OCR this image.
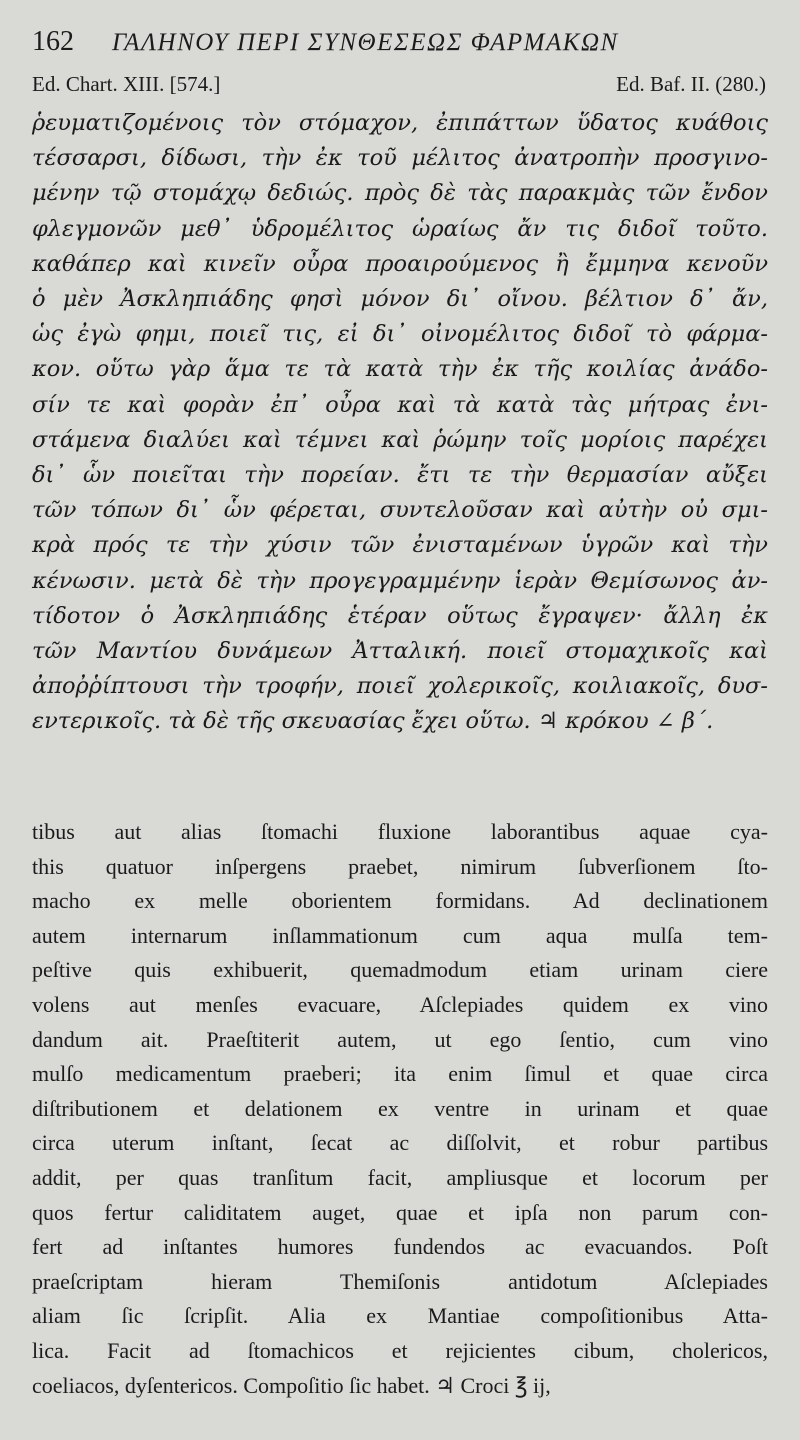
162	ΓΑΛΗΝΟΥ ΠΕΡΙ ΣΥΝΘΕΣΕΩΣ ΦΑΡΜΑΚΩΝ
Ed. Chart. XIII. [574.]	Ed. Baf. II. (280.)
ῥευματιζομένοις τὸν στόμαχον, ἐπιπάττων ὕδατος κυάθοις
τέσσαρσι, δίδωσι, τὴν ἐκ τοῦ μέλιτος ἀνατροπὴν προσγινο-
μένην τῷ στομάχῳ δεδιώς. πρὸς δὲ τὰς παρακμὰς τῶν ἔνδον
φλεγμονῶν μεθ᾽ ὑδρομέλιτος ὡραίως ἄν τις διδοῖ τοῦτο.
καθάπερ καὶ κινεῖν οὖρα προαιρούμενος ἢ ἔμμηνα κενοῦν
ὁ μὲν Ἀσκληπιάδης φησὶ μόνον δι᾽ οἴνου. βέλτιον δ᾽ ἄν,
ὡς ἐγὼ φημι, ποιεῖ τις, εἰ δι᾽ οἰνομέλιτος διδοῖ τὸ φάρμα-
κον. οὕτω γὰρ ἅμα τε τὰ κατὰ τὴν ἐκ τῆς κοιλίας ἀνάδο-
σίν τε καὶ φορὰν ἐπ᾽ οὖρα καὶ τὰ κατὰ τὰς μήτρας ἐνι-
στάμενα διαλύει καὶ τέμνει καὶ ῥώμην τοῖς μορίοις παρέχει
δι᾽ ὧν ποιεῖται τὴν πορείαν. ἔτι τε τὴν θερμασίαν αὔξει
τῶν τόπων δι᾽ ὧν φέρεται, συντελοῦσαν καὶ αὐτὴν οὐ σμι-
κρὰ πρός τε τὴν χύσιν τῶν ἐνισταμένων ὑγρῶν καὶ τὴν
κένωσιν. μετὰ δὲ τὴν προγεγραμμένην ἱερὰν Θεμίσωνος ἀν-
τίδοτον ὁ Ἀσκληπιάδης ἑτέραν οὕτως ἔγραψεν· ἄλλη ἐκ
τῶν Μαντίου δυνάμεων Ἀτταλική. ποιεῖ στομαχικοῖς καὶ
ἀποῤῥίπτουσι τὴν τροφήν, ποιεῖ χολερικοῖς, κοιλιακοῖς, δυσ-
εντερικοῖς. τὰ δὲ τῆς σκευασίας ἔχει οὕτω. ♃ κρόκου ∠ β΄.
tibus aut alias ſtomachi fluxione laborantibus aquae cya-
this quatuor inſpergens praebet, nimirum ſubverſionem ſto-
macho ex melle oborientem formidans. Ad declinationem
autem internarum inſlammationum cum aqua mulſa tem-
peſtive quis exhibuerit, quemadmodum etiam urinam ciere
volens aut menſes evacuare, Aſclepiades quidem ex vino
dandum ait. Praeſtiterit autem, ut ego ſentio, cum vino
mulſo medicamentum praeberi; ita enim ſimul et quae circa
diſtributionem et delationem ex ventre in urinam et quae
circa uterum inſtant, ſecat ac diſſolvit, et robur partibus
addit, per quas tranſitum facit, ampliusque et locorum per
quos fertur caliditatem auget, quae et ipſa non parum con-
fert ad inſtantes humores fundendos ac evacuandos. Poſt
praeſcriptam hieram Themiſonis antidotum Aſclepiades
aliam ſic ſcripſit. Alia ex Mantiae compoſitionibus Atta-
lica. Facit ad ſtomachicos et rejicientes cibum, cholericos,
coeliacos, dyſentericos. Compoſitio ſic habet. ♃ Croci ℥ ij,
